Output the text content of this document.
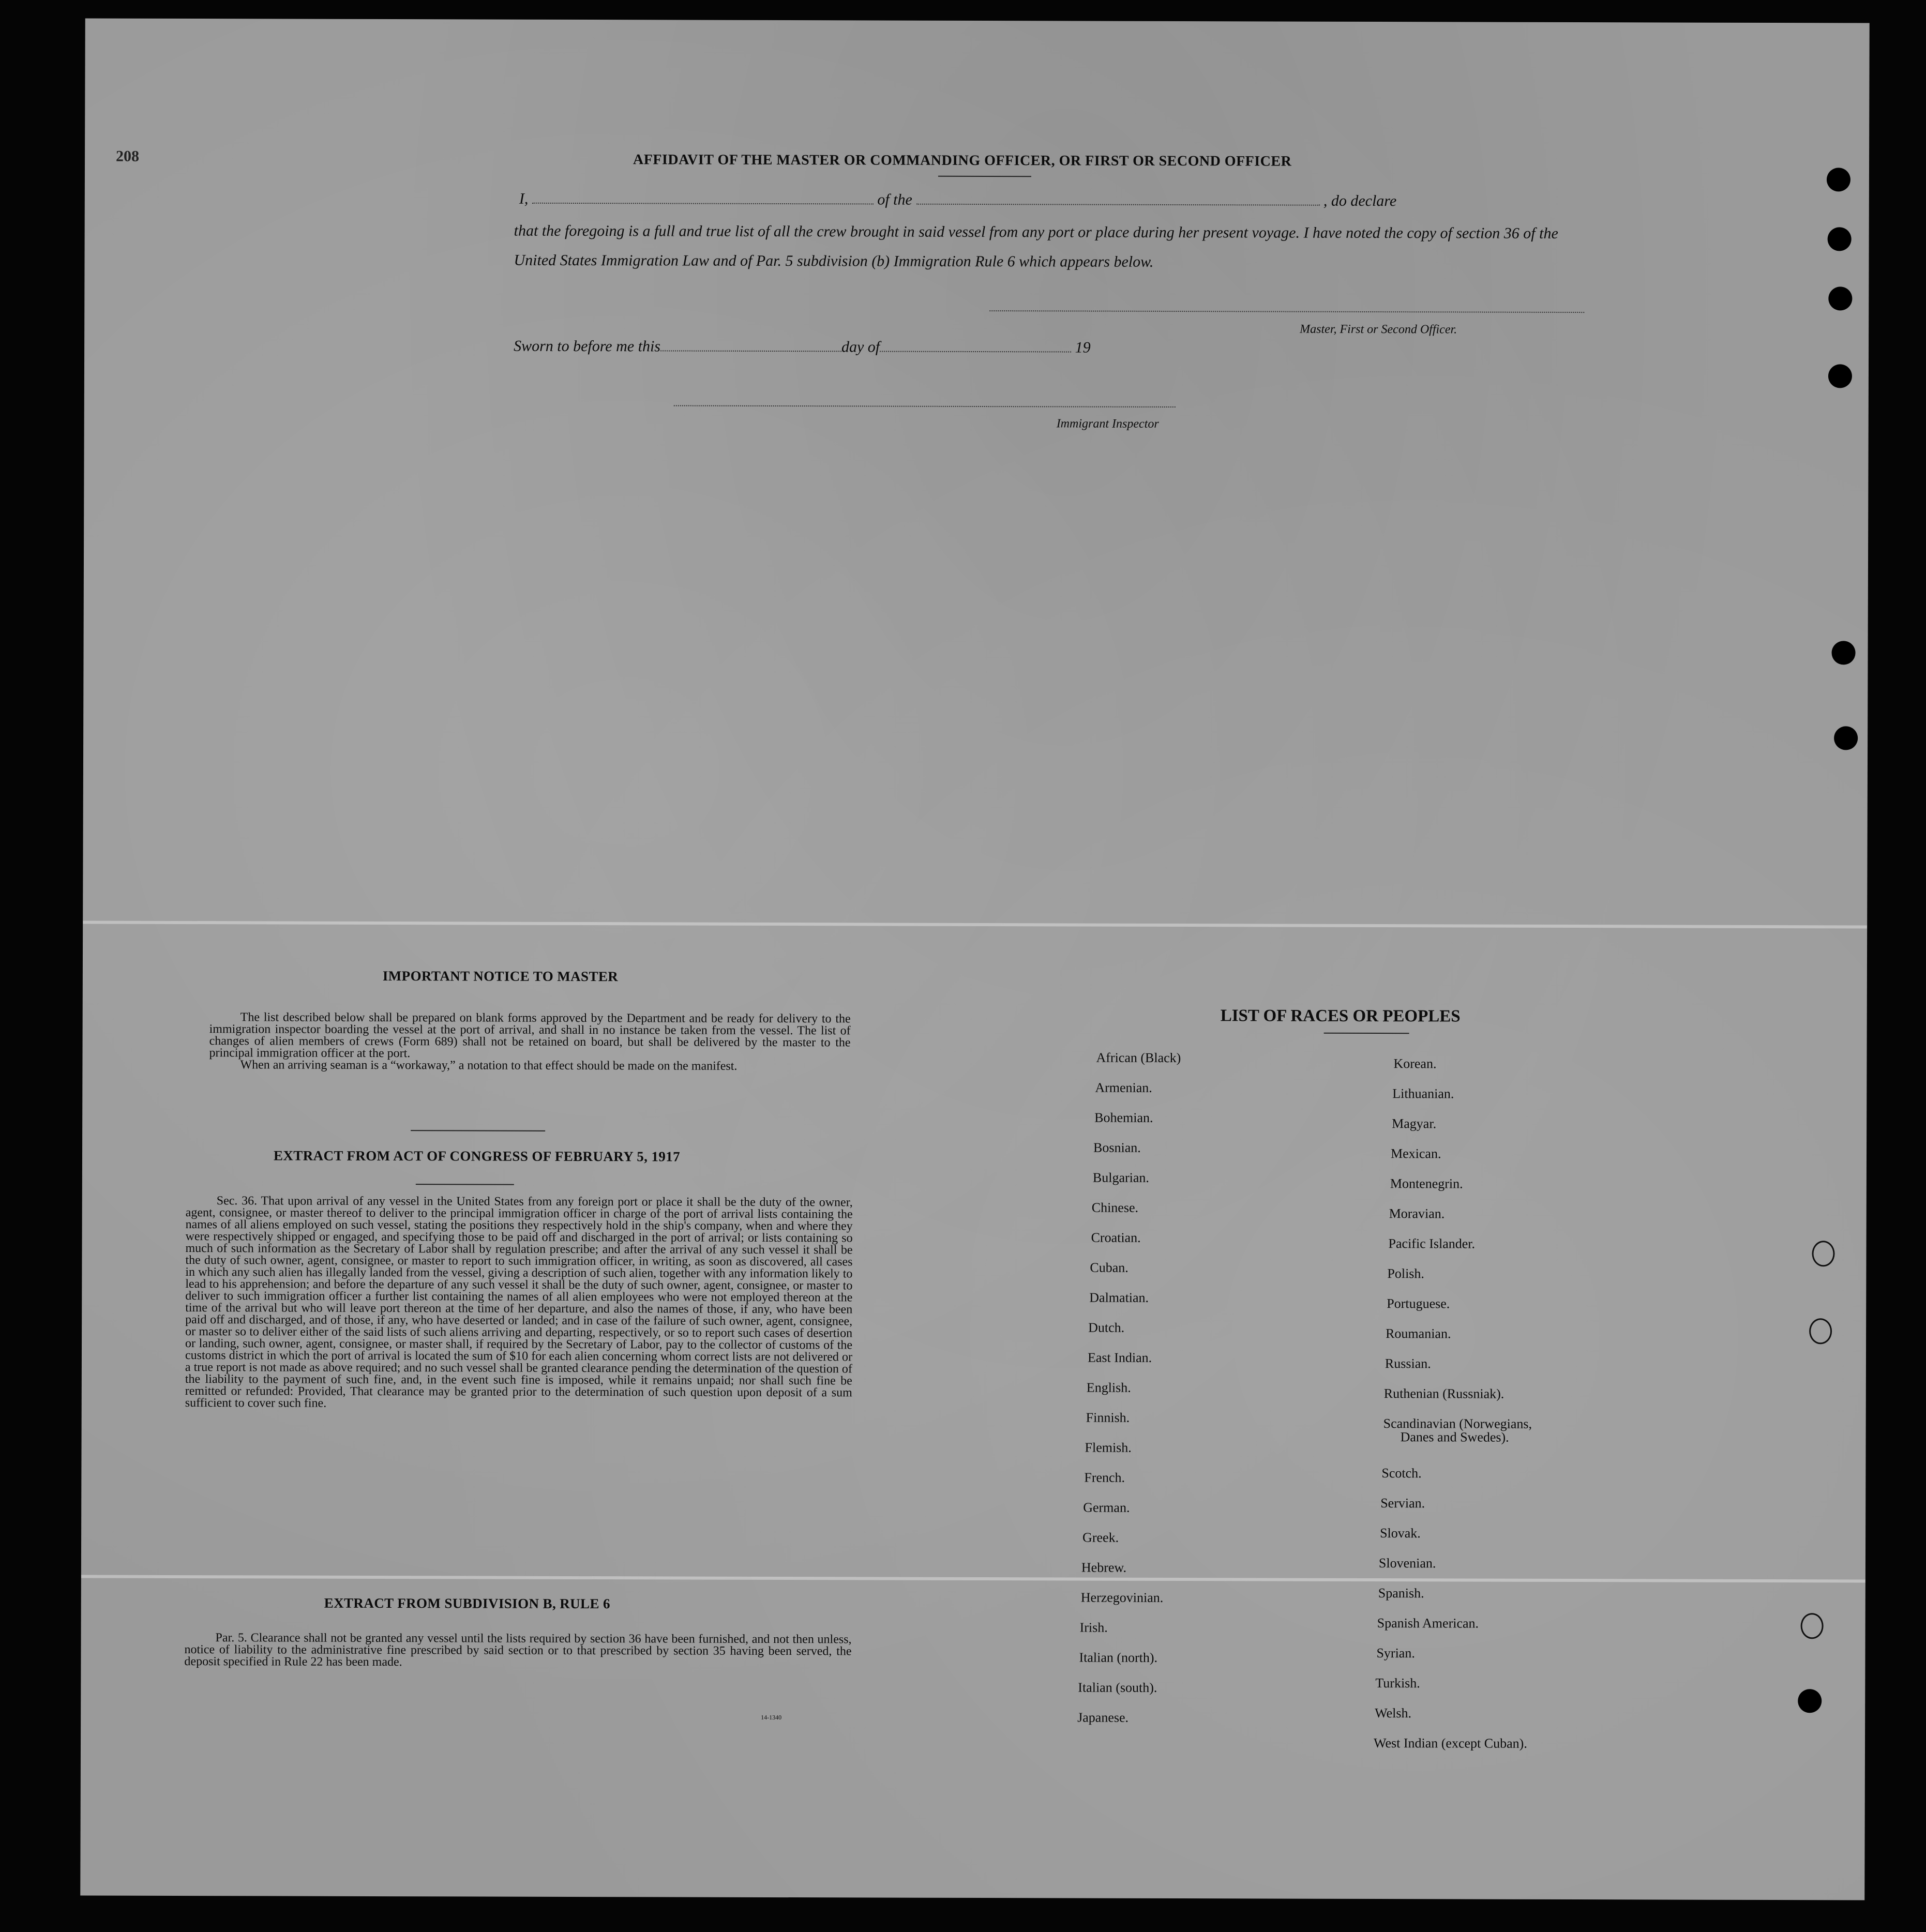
208	AFFIDAVIT OF THE MASTER OR COMMANDING OFFICER, OR FIRST OR SECOND OFFICER
I,	of the	, do declare
that the foregoing is a full and true list of all the crew brought in said vessel from any port or place during her present voyage. I have noted the copy of section 36 of the United States Immigration Law and of Par. 5 subdivision (b) Immigration Rule 6 which appears below.
Master, First or Second Officer.
Sworn to before me this	day of	19
Immigrant Inspector
IMPORTANT NOTICE TO MASTER

The list described below shall be prepared on blank forms approved by the Department and be ready for delivery to the immigration inspector boarding the vessel at the port of arrival, and shall in no instance be taken from the vessel. The list of changes of alien members of crews (Form 689) shall not be retained on board, but shall be delivered by the master to the principal immigration officer at the port.

When an arriving seaman is a “workaway,” a notation to that effect should be made on the manifest.

EXTRACT FROM ACT OF CONGRESS OF FEBRUARY 5, 1917

Sec. 36. That upon arrival of any vessel in the United States from any foreign port or place it shall be the duty of the owner, agent, consignee, or master thereof to deliver to the principal immigration officer in charge of the port of arrival lists containing the names of all aliens employed on such vessel, stating the positions they respectively hold in the ship's company, when and where they were respectively shipped or engaged, and specifying those to be paid off and discharged in the port of arrival; or lists containing so much of such information as the Secretary of Labor shall by regulation prescribe; and after the arrival of any such vessel it shall be the duty of such owner, agent, consignee, or master to report to such immigration officer, in writing, as soon as discovered, all cases in which any such alien has illegally landed from the vessel, giving a description of such alien, together with any information likely to lead to his apprehension; and before the departure of any such vessel it shall be the duty of such owner, agent, consignee, or master to deliver to such immigration officer a further list containing the names of all alien employees who were not employed thereon at the time of the arrival but who will leave port thereon at the time of her departure, and also the names of those, if any, who have been paid off and discharged, and of those, if any, who have deserted or landed; and in case of the failure of such owner, agent, consignee, or master so to deliver either of the said lists of such aliens arriving and departing, respectively, or so to report such cases of desertion or landing, such owner, agent, consignee, or master shall, if required by the Secretary of Labor, pay to the collector of customs of the customs district in which the port of arrival is located the sum of $10 for each alien concerning whom correct lists are not delivered or a true report is not made as above required; and no such vessel shall be granted clearance pending the determination of the question of the liability to the payment of such fine, and, in the event such fine is imposed, while it remains unpaid; nor shall such fine be remitted or refunded: Provided, That clearance may be granted prior to the determination of such question upon deposit of a sum sufficient to cover such fine.

EXTRACT FROM SUBDIVISION B, RULE 6

Par. 5. Clearance shall not be granted any vessel until the lists required by section 36 have been furnished, and not then unless, notice of liability to the administrative fine prescribed by said section or to that prescribed by section 35 having been served, the deposit specified in Rule 22 has been made.

14-1340
LIST OF RACES OR PEOPLES
African (Black)
Armenian.
Bohemian.
Bosnian.
Bulgarian.
Chinese.
Croatian.
Cuban.
Dalmatian.
Dutch.
East Indian.
English.
Finnish.
Flemish.
French.
German.
Greek.
Hebrew.
Herzegovinian.
Irish.
Italian (north).
Italian (south).
Japanese.
Korean.
Lithuanian.
Magyar.
Mexican.
Montenegrin.
Moravian.
Pacific Islander.
Polish.
Portuguese.
Roumanian.
Russian.
Ruthenian (Russniak).
Scandinavian (Norwegians,
Danes and Swedes).
Scotch.
Servian.
Slovak.
Slovenian.
Spanish.
Spanish American.
Syrian.
Turkish.
Welsh.
West Indian (except Cuban).
